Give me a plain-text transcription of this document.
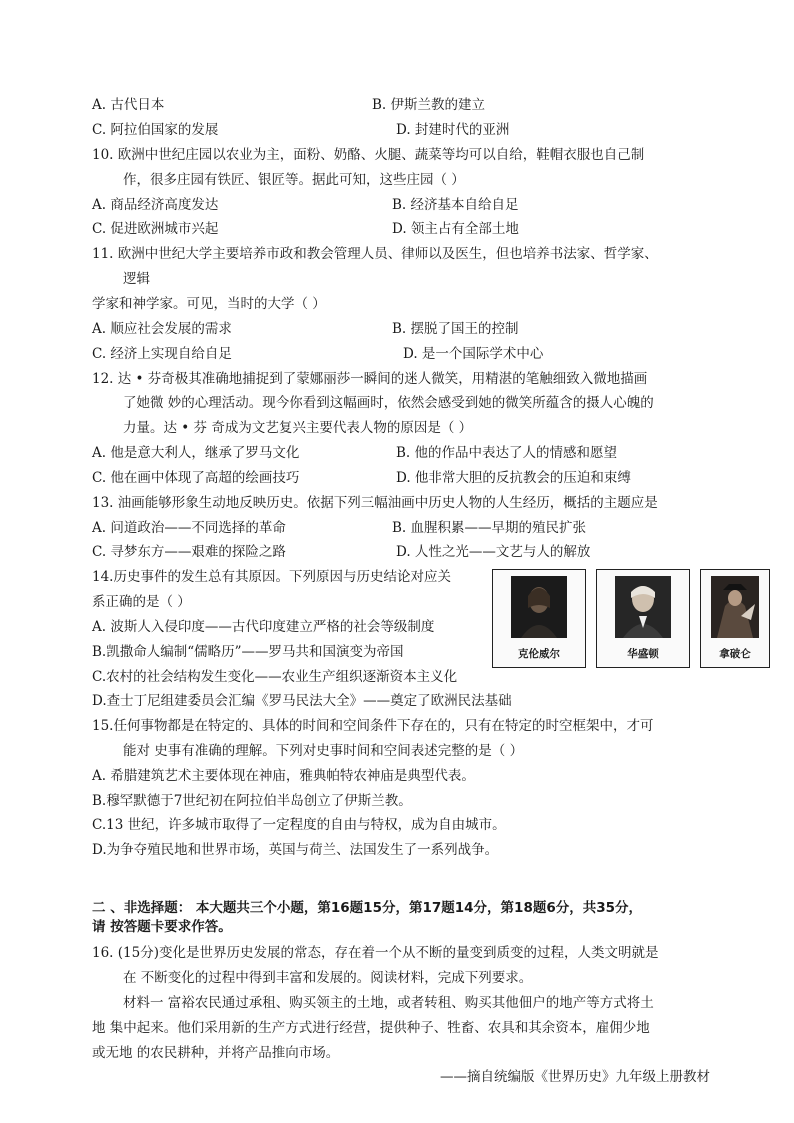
A. 古代日本	B. 伊斯兰教的建立
C. 阿拉伯国家的发展	D. 封建时代的亚洲
10. 欧洲中世纪庄园以农业为主，面粉、奶酪、火腿、蔬菜等均可以自给，鞋帽衣服也自己制
作，很多庄园有铁匠、银匠等。据此可知，这些庄园（ ）
A. 商品经济高度发达	B. 经济基本自给自足
C. 促进欧洲城市兴起	D. 领主占有全部土地
11. 欧洲中世纪大学主要培养市政和教会管理人员、律师以及医生，但也培养书法家、哲学家、
逻辑
学家和神学家。可见，当时的大学（ ）
A. 顺应社会发展的需求	B. 摆脱了国王的控制
C. 经济上实现自给自足	D. 是一个国际学术中心
12. 达 • 芬奇极其准确地捕捉到了蒙娜丽莎一瞬间的迷人微笑，用精湛的笔触细致入微地描画
了她微 妙的心理活动。现今你看到这幅画时，依然会感受到她的微笑所蕴含的摄人心魄的
力量。达 • 芬 奇成为文艺复兴主要代表人物的原因是（ ）
A. 他是意大利人，继承了罗马文化	B. 他的作品中表达了人的情感和愿望
C. 他在画中体现了高超的绘画技巧	D. 他非常大胆的反抗教会的压迫和束缚
13. 油画能够形象生动地反映历史。依据下列三幅油画中历史人物的人生经历，概括的主题应是
A. 问道政治——不同选择的革命	B. 血腥积累——早期的殖民扩张
C. 寻梦东方——艰难的探险之路	D. 人性之光——文艺与人的解放
克伦威尔	华盛顿	拿破仑
14.历史事件的发生总有其原因。下列原因与历史结论对应关
系正确的是（ ）
A. 波斯人入侵印度——古代印度建立严格的社会等级制度
B.凯撒命人编制“儒略历”——罗马共和国演变为帝国
C.农村的社会结构发生变化——农业生产组织逐渐资本主义化
D.查士丁尼组建委员会汇编《罗马民法大全》——奠定了欧洲民法基础
15.任何事物都是在特定的、具体的时间和空间条件下存在的，只有在特定的时空框架中，才可
能对 史事有准确的理解。下列对史事时间和空间表述完整的是（ ）
A. 希腊建筑艺术主要体现在神庙，雅典帕特农神庙是典型代表。
B.穆罕默德于7世纪初在阿拉伯半岛创立了伊斯兰教。
C.13 世纪，许多城市取得了一定程度的自由与特权，成为自由城市。
D.为争夺殖民地和世界市场，英国与荷兰、法国发生了一系列战争。
二 、非选择题： 本大题共三个小题，第16题15分，第17题14分，第18题6分，共35分，
请 按答题卡要求作答。
16. (15分)变化是世界历史发展的常态，存在着一个从不断的量变到质变的过程，人类文明就是
在 不断变化的过程中得到丰富和发展的。阅读材料，完成下列要求。
材料一 富裕农民通过承租、购买领主的土地，或者转租、购买其他佃户的地产等方式将土
地 集中起来。他们采用新的生产方式进行经营，提供种子、牲畜、农具和其余资本，雇佣少地
或无地 的农民耕种，并将产品推向市场。
——摘自统编版《世界历史》九年级上册教材
